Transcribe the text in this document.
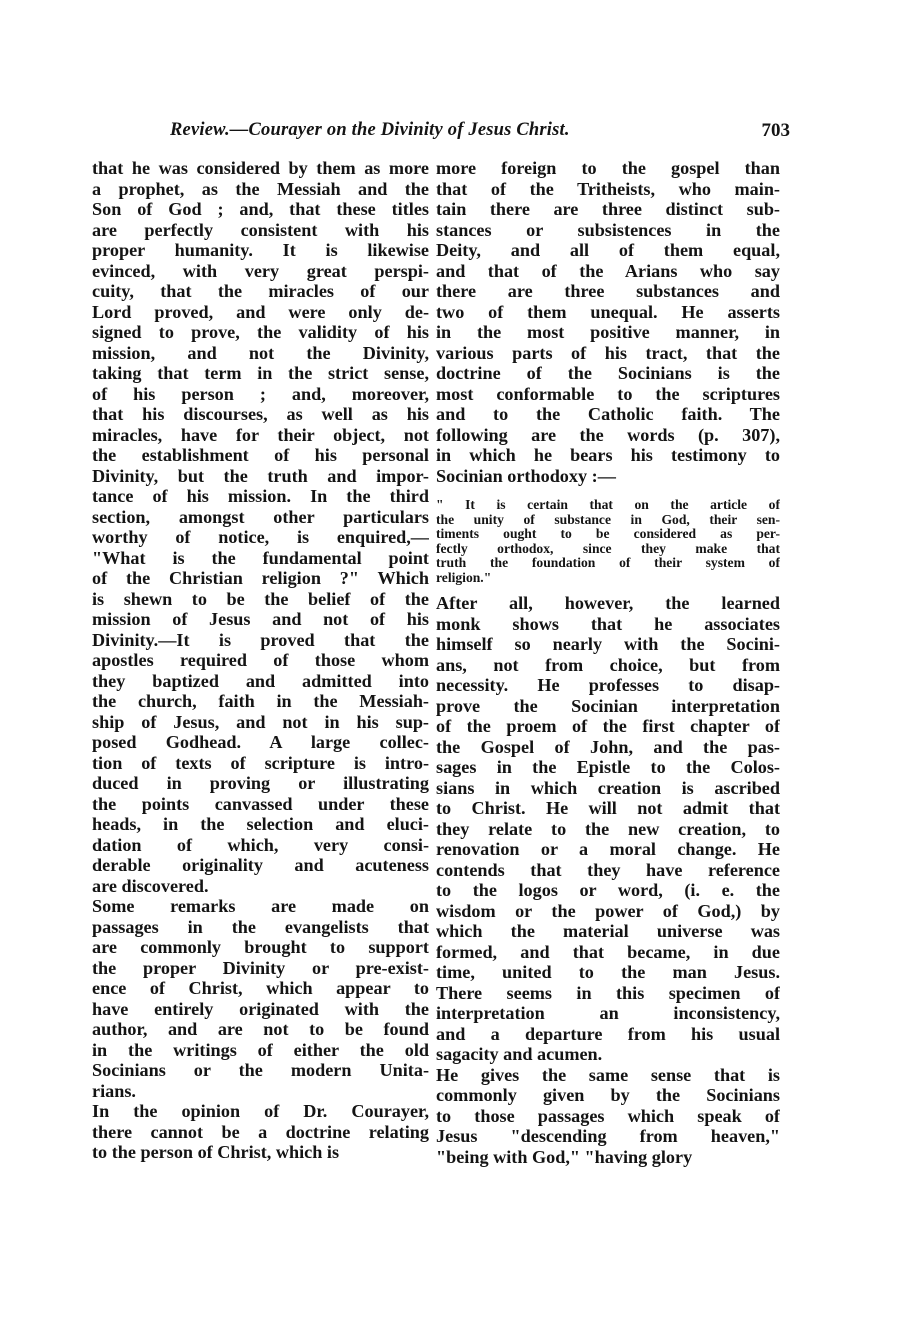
Review.—Courayer on the Divinity of Jesus Christ.	703
that he was considered by them as more
a prophet, as the Messiah and the
Son of God ; and, that these titles
are perfectly consistent with his
proper humanity. It is likewise
evinced, with very great perspi-
cuity, that the miracles of our
Lord proved, and were only de-
signed to prove, the validity of his
mission, and not the Divinity,
taking that term in the strict sense,
of his person ; and, moreover,
that his discourses, as well as his
miracles, have for their object, not
the establishment of his personal
Divinity, but the truth and impor-
tance of his mission. In the third
section, amongst other particulars
worthy of notice, is enquired,—
"What is the fundamental point
of the Christian religion ?" Which
is shewn to be the belief of the
mission of Jesus and not of his
Divinity.—It is proved that the
apostles required of those whom
they baptized and admitted into
the church, faith in the Messiah-
ship of Jesus, and not in his sup-
posed Godhead. A large collec-
tion of texts of scripture is intro-
duced in proving or illustrating
the points canvassed under these
heads, in the selection and eluci-
dation of which, very consi-
derable originality and acuteness
are discovered.
Some remarks are made on
passages in the evangelists that
are commonly brought to support
the proper Divinity or pre-exist-
ence of Christ, which appear to
have entirely originated with the
author, and are not to be found
in the writings of either the old
Socinians or the modern Unita-
rians.
In the opinion of Dr. Courayer,
there cannot be a doctrine relating
to the person of Christ, which is
more foreign to the gospel than
that of the Tritheists, who main-
tain there are three distinct sub-
stances or subsistences in the
Deity, and all of them equal,
and that of the Arians who say
there are three substances and
two of them unequal. He asserts
in the most positive manner, in
various parts of his tract, that the
doctrine of the Socinians is the
most conformable to the scriptures
and to the Catholic faith. The
following are the words (p. 307),
in which he bears his testimony to
Socinian orthodoxy :—
" It is certain that on the article of
the unity of substance in God, their sen-
timents ought to be considered as per-
fectly orthodox, since they make that
truth the foundation of their system of
religion."
After all, however, the learned
monk shows that he associates
himself so nearly with the Socini-
ans, not from choice, but from
necessity. He professes to disap-
prove the Socinian interpretation
of the proem of the first chapter of
the Gospel of John, and the pas-
sages in the Epistle to the Colos-
sians in which creation is ascribed
to Christ. He will not admit that
they relate to the new creation, to
renovation or a moral change. He
contends that they have reference
to the logos or word, (i. e. the
wisdom or the power of God,) by
which the material universe was
formed, and that became, in due
time, united to the man Jesus.
There seems in this specimen of
interpretation an inconsistency,
and a departure from his usual
sagacity and acumen.
He gives the same sense that is
commonly given by the Socinians
to those passages which speak of
Jesus "descending from heaven,"
"being with God," "having glory
